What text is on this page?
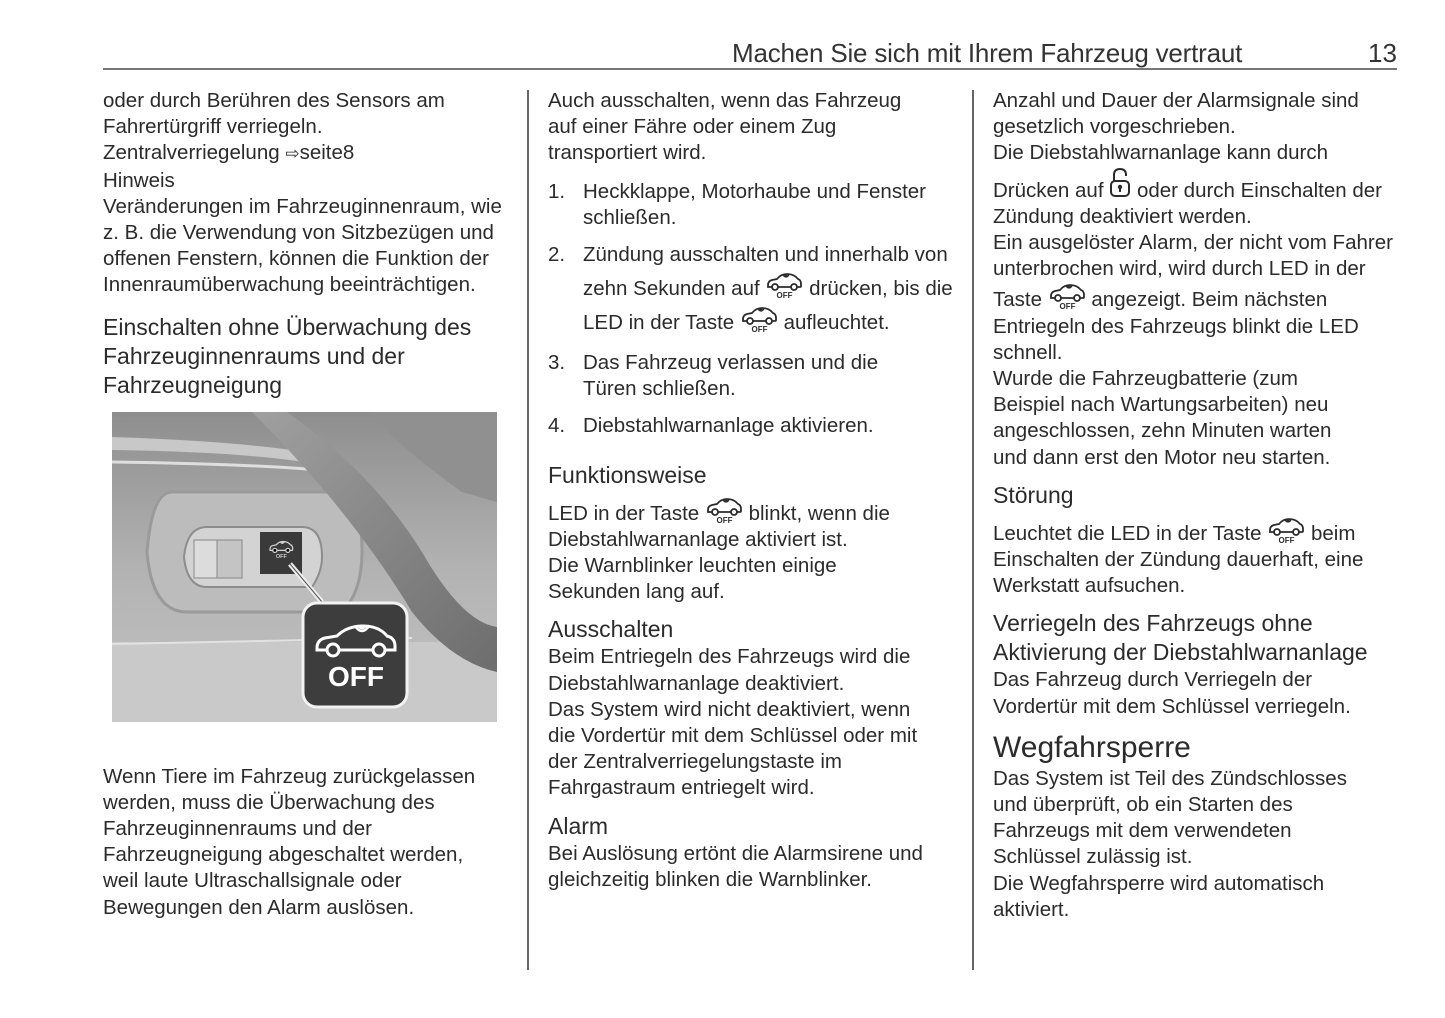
Machen Sie sich mit Ihrem Fahrzeug vertraut	13

oder durch Berühren des Sensors am
Fahrertürgriff verriegeln.

Zentralverriegelung ⇨seite8

Hinweis

Veränderungen im Fahrzeuginnenraum, wie z. B. die Verwendung von Sitzbezügen und offenen Fenstern, können die Funktion der Innenraumüberwachung beeinträchtigen.

Einschalten ohne Überwachung des Fahrzeuginnenraums und der Fahrzeugneigung
OFF

Wenn Tiere im Fahrzeug zurückgelassen werden, muss die Überwachung des Fahrzeuginnenraums und der Fahrzeugneigung abgeschaltet werden, weil laute Ultraschallsignale oder Bewegungen den Alarm auslösen.

Auch ausschalten, wenn das Fahrzeug auf einer Fähre oder einem Zug transportiert wird.

1. Heckklappe, Motorhaube und Fenster schließen.
2. Zündung ausschalten und innerhalb von zehn Sekunden auf drücken, bis die LED in der Taste aufleuchtet.
3. Das Fahrzeug verlassen und die Türen schließen.
4. Diebstahlwarnanlage aktivieren.
Funktionsweise

LED in der Taste blinkt, wenn die Diebstahlwarnanlage aktiviert ist.

Die Warnblinker leuchten einige Sekunden lang auf.

Ausschalten

Beim Entriegeln des Fahrzeugs wird die Diebstahlwarnanlage deaktiviert.

Das System wird nicht deaktiviert, wenn die Vordertür mit dem Schlüssel oder mit der Zentralverriegelungstaste im Fahrgastraum entriegelt wird.

Alarm

Bei Auslösung ertönt die Alarmsirene und gleichzeitig blinken die Warnblinker.

Anzahl und Dauer der Alarmsignale sind gesetzlich vorgeschrieben.

Die Diebstahlwarnanlage kann durch Drücken auf oder durch Einschalten der Zündung deaktiviert werden.

Ein ausgelöster Alarm, der nicht vom Fahrer unterbrochen wird, wird durch LED in der Taste angezeigt. Beim nächsten Entriegeln des Fahrzeugs blinkt die LED schnell.

Wurde die Fahrzeugbatterie (zum Beispiel nach Wartungsarbeiten) neu angeschlossen, zehn Minuten warten und dann erst den Motor neu starten.

Störung

Leuchtet die LED in der Taste beim Einschalten der Zündung dauerhaft, eine Werkstatt aufsuchen.

Verriegeln des Fahrzeugs ohne Aktivierung der Diebstahlwarnanlage

Das Fahrzeug durch Verriegeln der Vordertür mit dem Schlüssel verriegeln.

Wegfahrsperre

Das System ist Teil des Zündschlosses und überprüft, ob ein Starten des Fahrzeugs mit dem verwendeten Schlüssel zulässig ist.

Die Wegfahrsperre wird automatisch aktiviert.
